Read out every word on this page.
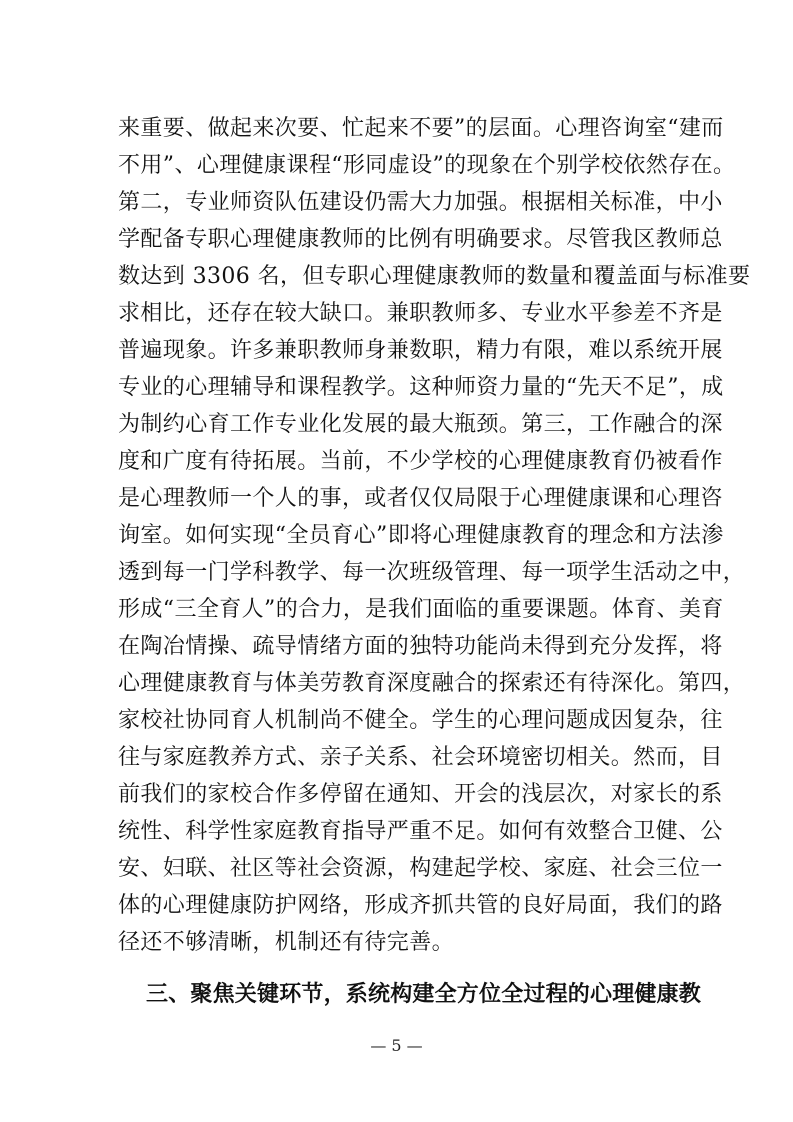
来重要、做起来次要、忙起来不要”的层面。心理咨询室“建而
不用”、心理健康课程“形同虚设”的现象在个别学校依然存在。
第二，专业师资队伍建设仍需大力加强。根据相关标准，中小
学配备专职心理健康教师的比例有明确要求。尽管我区教师总
数达到 3306 名，但专职心理健康教师的数量和覆盖面与标准要
求相比，还存在较大缺口。兼职教师多、专业水平参差不齐是
普遍现象。许多兼职教师身兼数职，精力有限，难以系统开展
专业的心理辅导和课程教学。这种师资力量的“先天不足”，成
为制约心育工作专业化发展的最大瓶颈。第三，工作融合的深
度和广度有待拓展。当前，不少学校的心理健康教育仍被看作
是心理教师一个人的事，或者仅仅局限于心理健康课和心理咨
询室。如何实现“全员育心”即将心理健康教育的理念和方法渗
透到每一门学科教学、每一次班级管理、每一项学生活动之中，
形成“三全育人”的合力，是我们面临的重要课题。体育、美育
在陶冶情操、疏导情绪方面的独特功能尚未得到充分发挥，将
心理健康教育与体美劳教育深度融合的探索还有待深化。第四，
家校社协同育人机制尚不健全。学生的心理问题成因复杂，往
往与家庭教养方式、亲子关系、社会环境密切相关。然而，目
前我们的家校合作多停留在通知、开会的浅层次，对家长的系
统性、科学性家庭教育指导严重不足。如何有效整合卫健、公
安、妇联、社区等社会资源，构建起学校、家庭、社会三位一
体的心理健康防护网络，形成齐抓共管的良好局面，我们的路
径还不够清晰，机制还有待完善。
三、聚焦关键环节，系统构建全方位全过程的心理健康教
— 5 —
